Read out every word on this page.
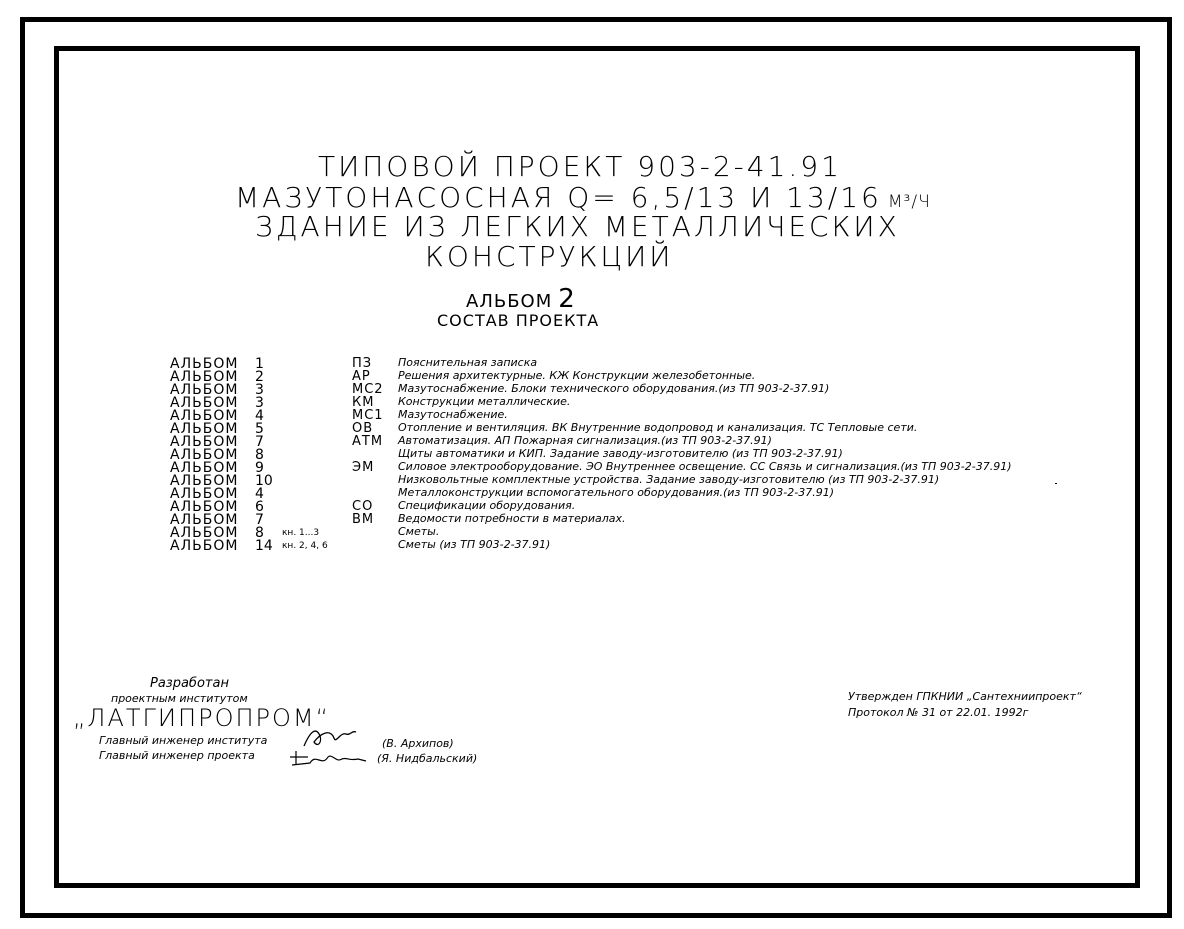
ТИПОВОЙ ПРОЕКТ 903-2-41.91
МАЗУТОНАСОСНАЯ Q= 6,5/13 И 13/16 М³/Ч
ЗДАНИЕ ИЗ ЛЕГКИХ МЕТАЛЛИЧЕСКИХ
КОНСТРУКЦИЙ
АЛЬБОМ 2
СОСТАВ ПРОЕКТА
АЛЬБОМ 1	ПЗ Пояснительная записка
АЛЬБОМ 2	АР Решения архитектурные. КЖ Конструкции железобетонные.
АЛЬБОМ 3	МС2 Мазутоснабжение. Блоки технического оборудования.(из ТП 903-2-37.91)
АЛЬБОМ 3	КМ Конструкции металлические.
АЛЬБОМ 4	МС1 Мазутоснабжение.
АЛЬБОМ 5	ОВ Отопление и вентиляция. ВК Внутренние водопровод и канализация. ТС Тепловые сети.
АЛЬБОМ 7	АТМ Автоматизация. АП Пожарная сигнализация.(из ТП 903-2-37.91)
АЛЬБОМ 8	Щиты автоматики и КИП. Задание заводу-изготовителю (из ТП 903-2-37.91)
АЛЬБОМ 9	ЭМ Силовое электрооборудование. ЭО Внутреннее освещение. СС Связь и сигнализация.(из ТП 903-2-37.91)
АЛЬБОМ 10	Низковольтные комплектные устройства. Задание заводу-изготовителю (из ТП 903-2-37.91)
АЛЬБОМ 4	Металлоконструкции вспомогательного оборудования.(из ТП 903-2-37.91)
АЛЬБОМ 6	СО Спецификации оборудования.
АЛЬБОМ 7	ВМ Ведомости потребности в материалах.
АЛЬБОМ 8 кн. 1...3	Сметы.
АЛЬБОМ 14 кн. 2, 4, 6	Сметы (из ТП 903-2-37.91)
Разработан
проектным институтом
„ЛАТГИПРОПРОМ“
Главный инженер института
Главный инженер проекта
(В. Архипов)
(Я. Нидбальский)
Утвержден ГПКНИИ „Сантехниипроект“
Протокол № 31 от 22.01. 1992г
